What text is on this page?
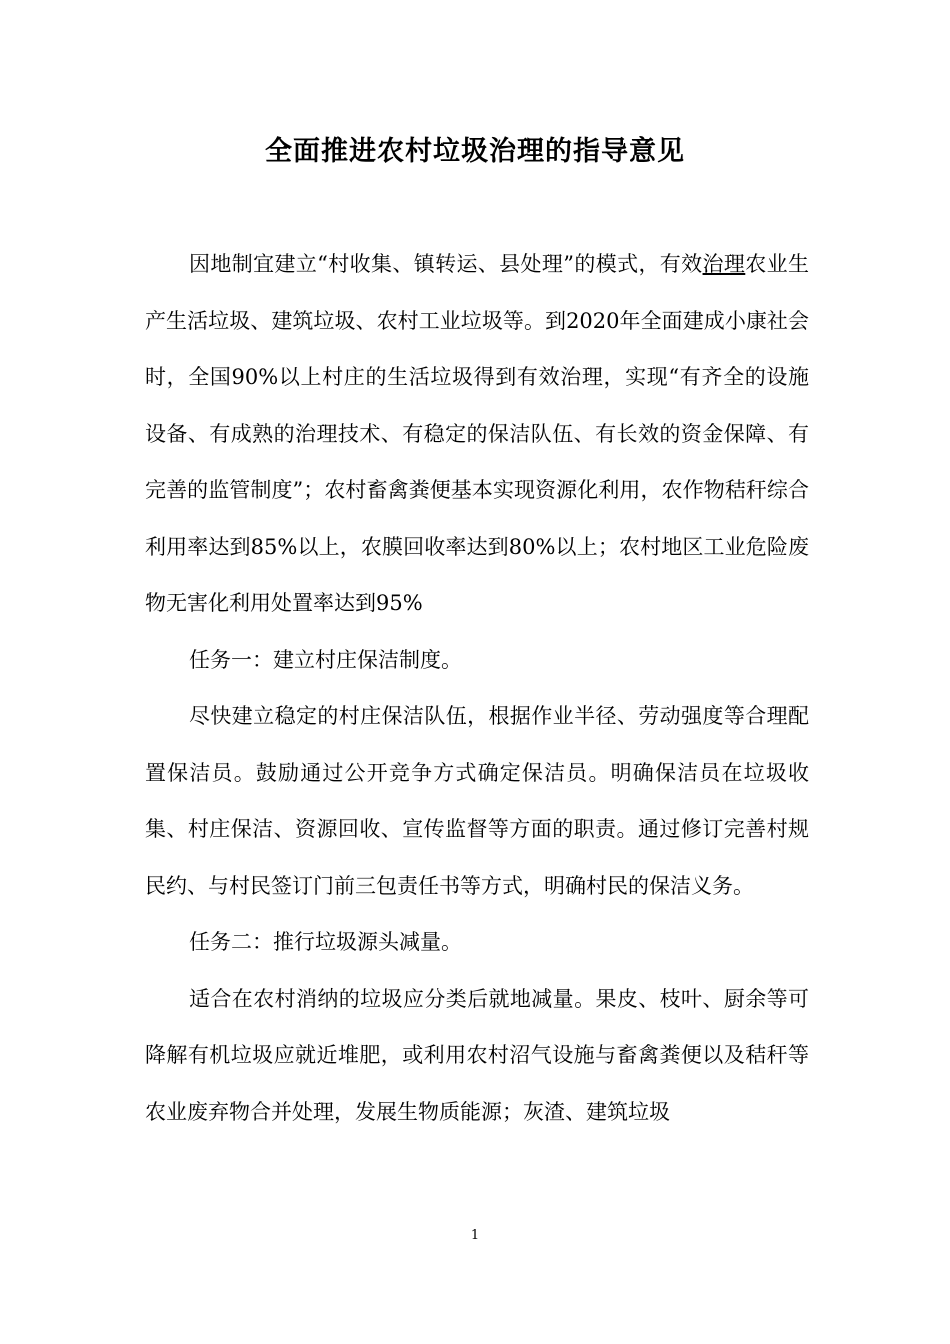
全面推进农村垃圾治理的指导意见

因地制宜建立“村收集、镇转运、县处理”的模式，有效治理农业生产生活垃圾、建筑垃圾、农村工业垃圾等。到2020年全面建成小康社会时，全国90%以上村庄的生活垃圾得到有效治理，实现“有齐全的设施设备、有成熟的治理技术、有稳定的保洁队伍、有长效的资金保障、有完善的监管制度”；农村畜禽粪便基本实现资源化利用，农作物秸秆综合利用率达到85%以上，农膜回收率达到80%以上；农村地区工业危险废物无害化利用处置率达到95%

任务一：建立村庄保洁制度。

尽快建立稳定的村庄保洁队伍，根据作业半径、劳动强度等合理配置保洁员。鼓励通过公开竞争方式确定保洁员。明确保洁员在垃圾收集、村庄保洁、资源回收、宣传监督等方面的职责。通过修订完善村规民约、与村民签订门前三包责任书等方式，明确村民的保洁义务。

任务二：推行垃圾源头减量。

适合在农村消纳的垃圾应分类后就地减量。果皮、枝叶、厨余等可降解有机垃圾应就近堆肥，或利用农村沼气设施与畜禽粪便以及秸秆等农业废弃物合并处理，发展生物质能源；灰渣、建筑垃圾

1
